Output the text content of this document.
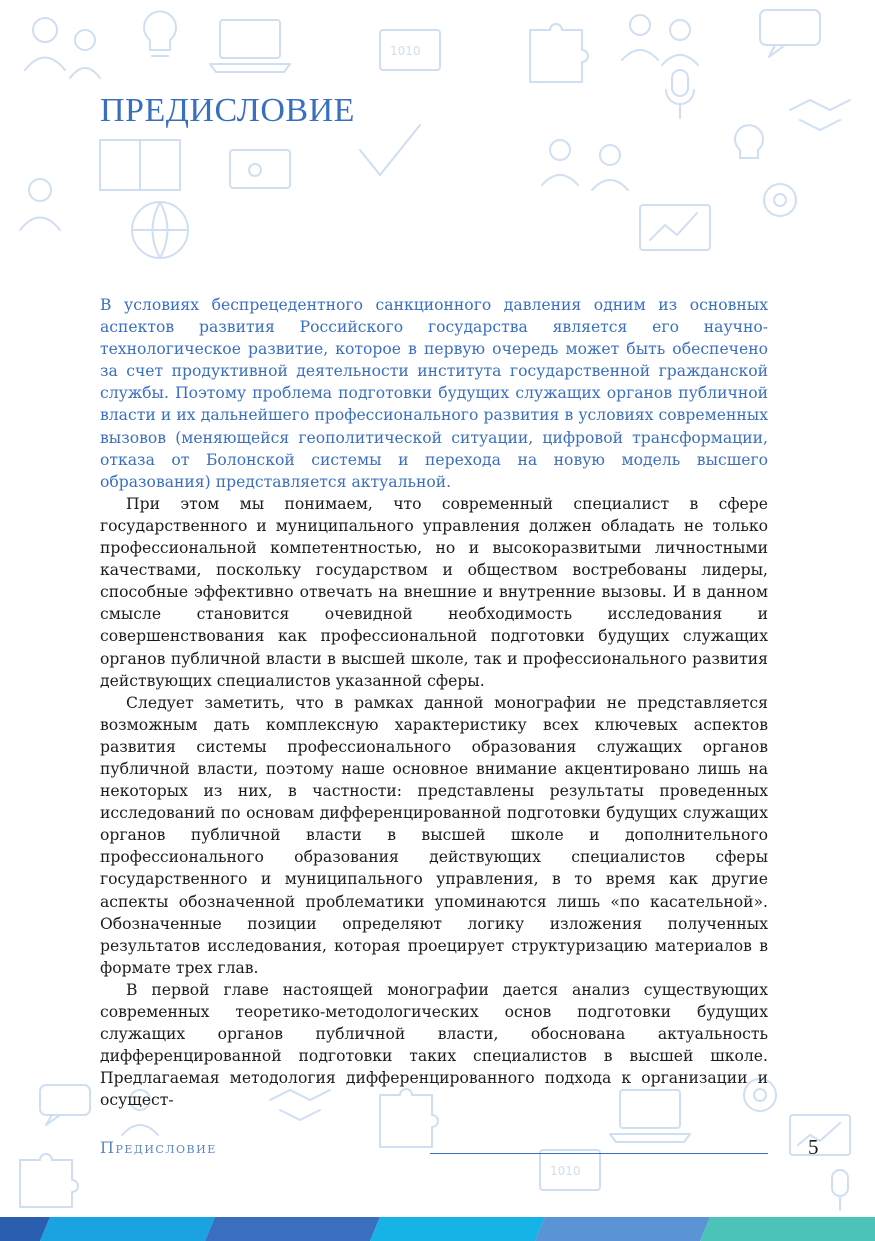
1010
1010
ПРЕДИСЛОВИЕ

В условиях беспрецедентного санкционного давления одним из основных аспектов развития Российского государства является его научно-технологическое развитие, которое в первую очередь может быть обеспечено за счет продуктивной деятельности института государственной гражданской службы. Поэтому проблема подготовки будущих служащих органов публичной власти и их дальнейшего профессионального развития в условиях современных вызовов (меняющейся геополитической ситуации, цифровой трансформации, отказа от Болонской системы и перехода на новую модель высшего образования) представляется актуальной.

При этом мы понимаем, что современный специалист в сфере государственного и муниципального управления должен обладать не только профессиональной компетентностью, но и высокоразвитыми личностными качествами, поскольку государством и обществом востребованы лидеры, способные эффективно отвечать на внешние и внутренние вызовы. И в данном смысле становится очевидной необходимость исследования и совершенствования как профессиональной подготовки будущих служащих органов публичной власти в высшей школе, так и профессионального развития действующих специалистов указанной сферы.

Следует заметить, что в рамках данной монографии не представляется возможным дать комплексную характеристику всех ключевых аспектов развития системы профессионального образования служащих органов публичной власти, поэтому наше основное внимание акцентировано лишь на некоторых из них, в частности: представлены результаты проведенных исследований по основам дифференцированной подготовки будущих служащих органов публичной власти в высшей школе и дополнительного профессионального образования действующих специалистов сферы государственного и муниципального управления, в то время как другие аспекты обозначенной проблематики упоминаются лишь «по касательной». Обозначенные позиции определяют логику изложения полученных результатов исследования, которая проецирует структуризацию материалов в формате трех глав.

В первой главе настоящей монографии дается анализ существующих современных теоретико-методологических основ подготовки будущих служащих органов публичной власти, обоснована актуальность дифференцированной подготовки таких специалистов в высшей школе. Предлагаемая методология дифференцированного подхода к организации и осущест-

Предисловие	5
